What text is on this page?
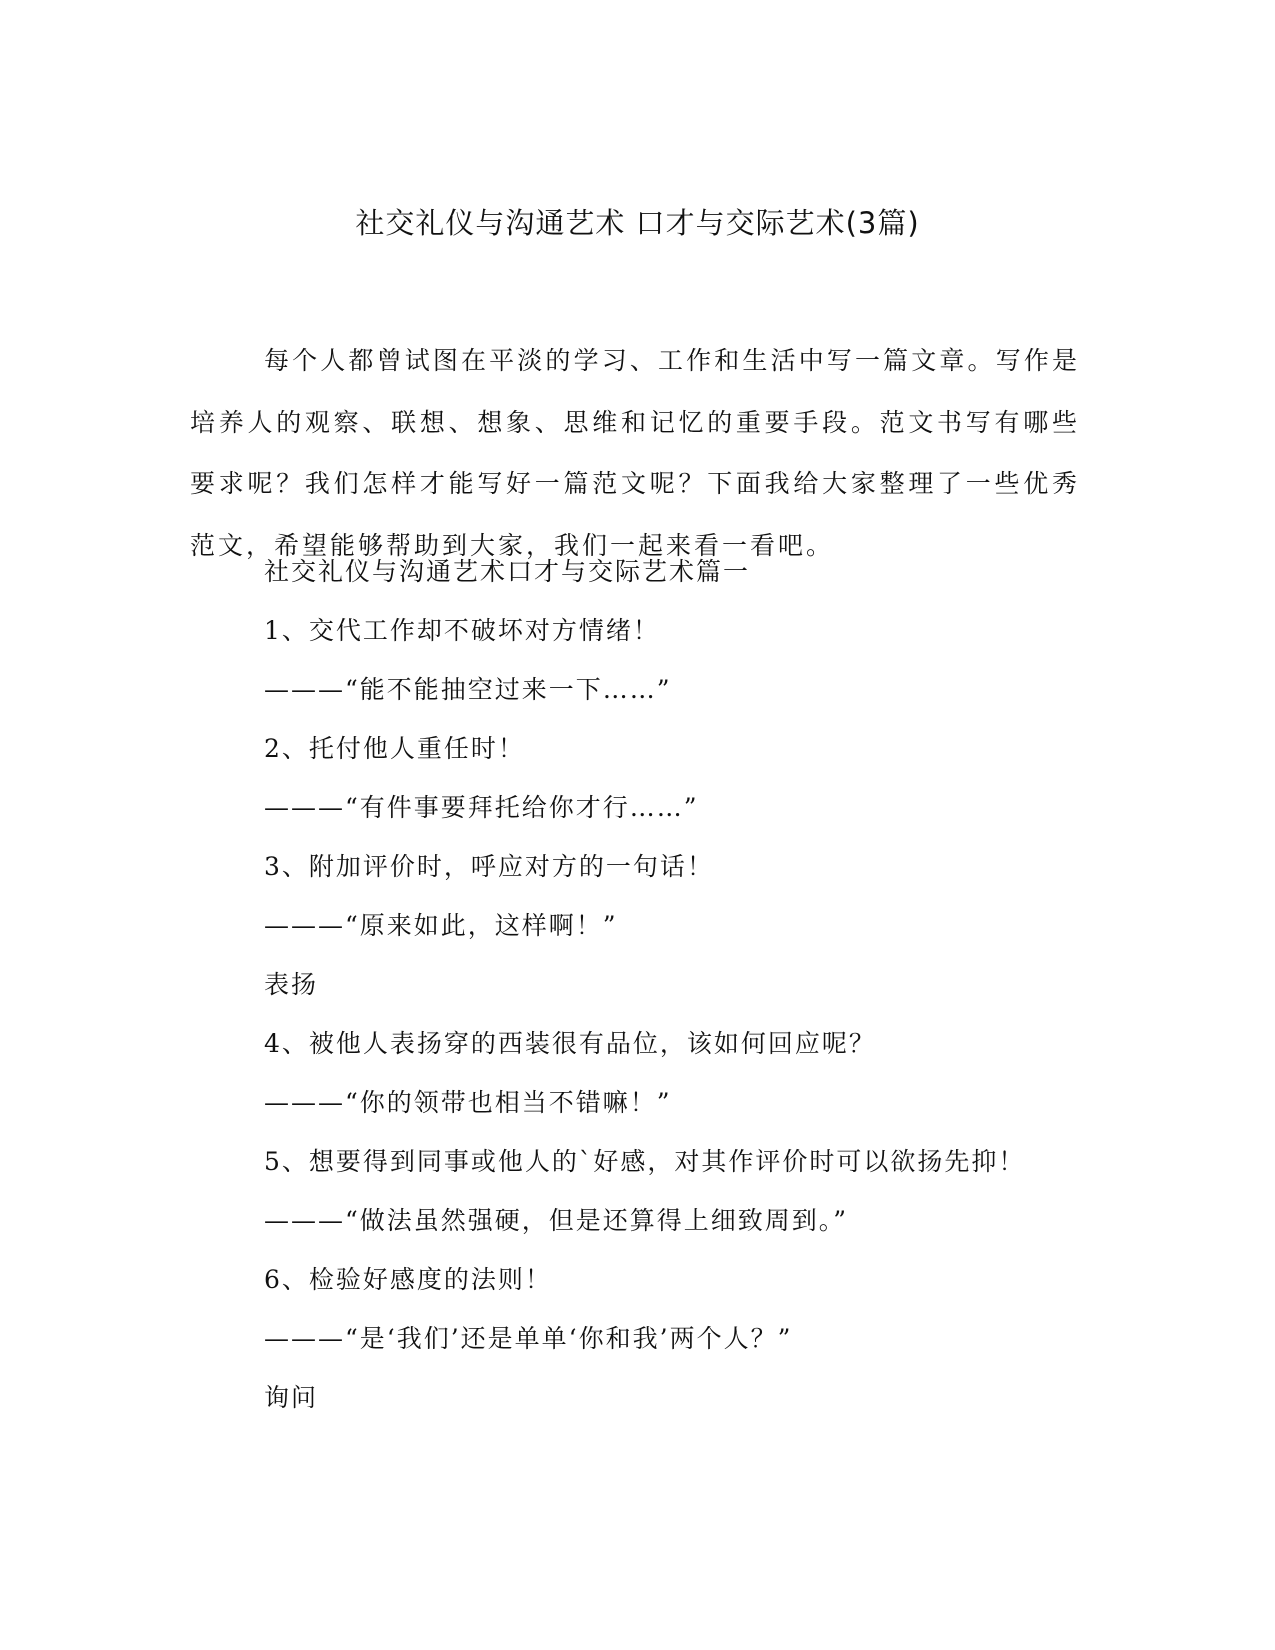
社交礼仪与沟通艺术 口才与交际艺术(3篇)

每个人都曾试图在平淡的学习、工作和生活中写一篇文章。写作是培养人的观察、联想、想象、思维和记忆的重要手段。范文书写有哪些要求呢？我们怎样才能写好一篇范文呢？下面我给大家整理了一些优秀范文，希望能够帮助到大家，我们一起来看一看吧。

社交礼仪与沟通艺术口才与交际艺术篇一

1、交代工作却不破坏对方情绪！

———“能不能抽空过来一下……”

2、托付他人重任时！

———“有件事要拜托给你才行……”

3、附加评价时，呼应对方的一句话！

———“原来如此，这样啊！”

表扬

4、被他人表扬穿的西装很有品位，该如何回应呢？

———“你的领带也相当不错嘛！”

5、想要得到同事或他人的`好感，对其作评价时可以欲扬先抑！

———“做法虽然强硬，但是还算得上细致周到。”

6、检验好感度的法则！

———“是‘我们’还是单单‘你和我’两个人？”

询问
